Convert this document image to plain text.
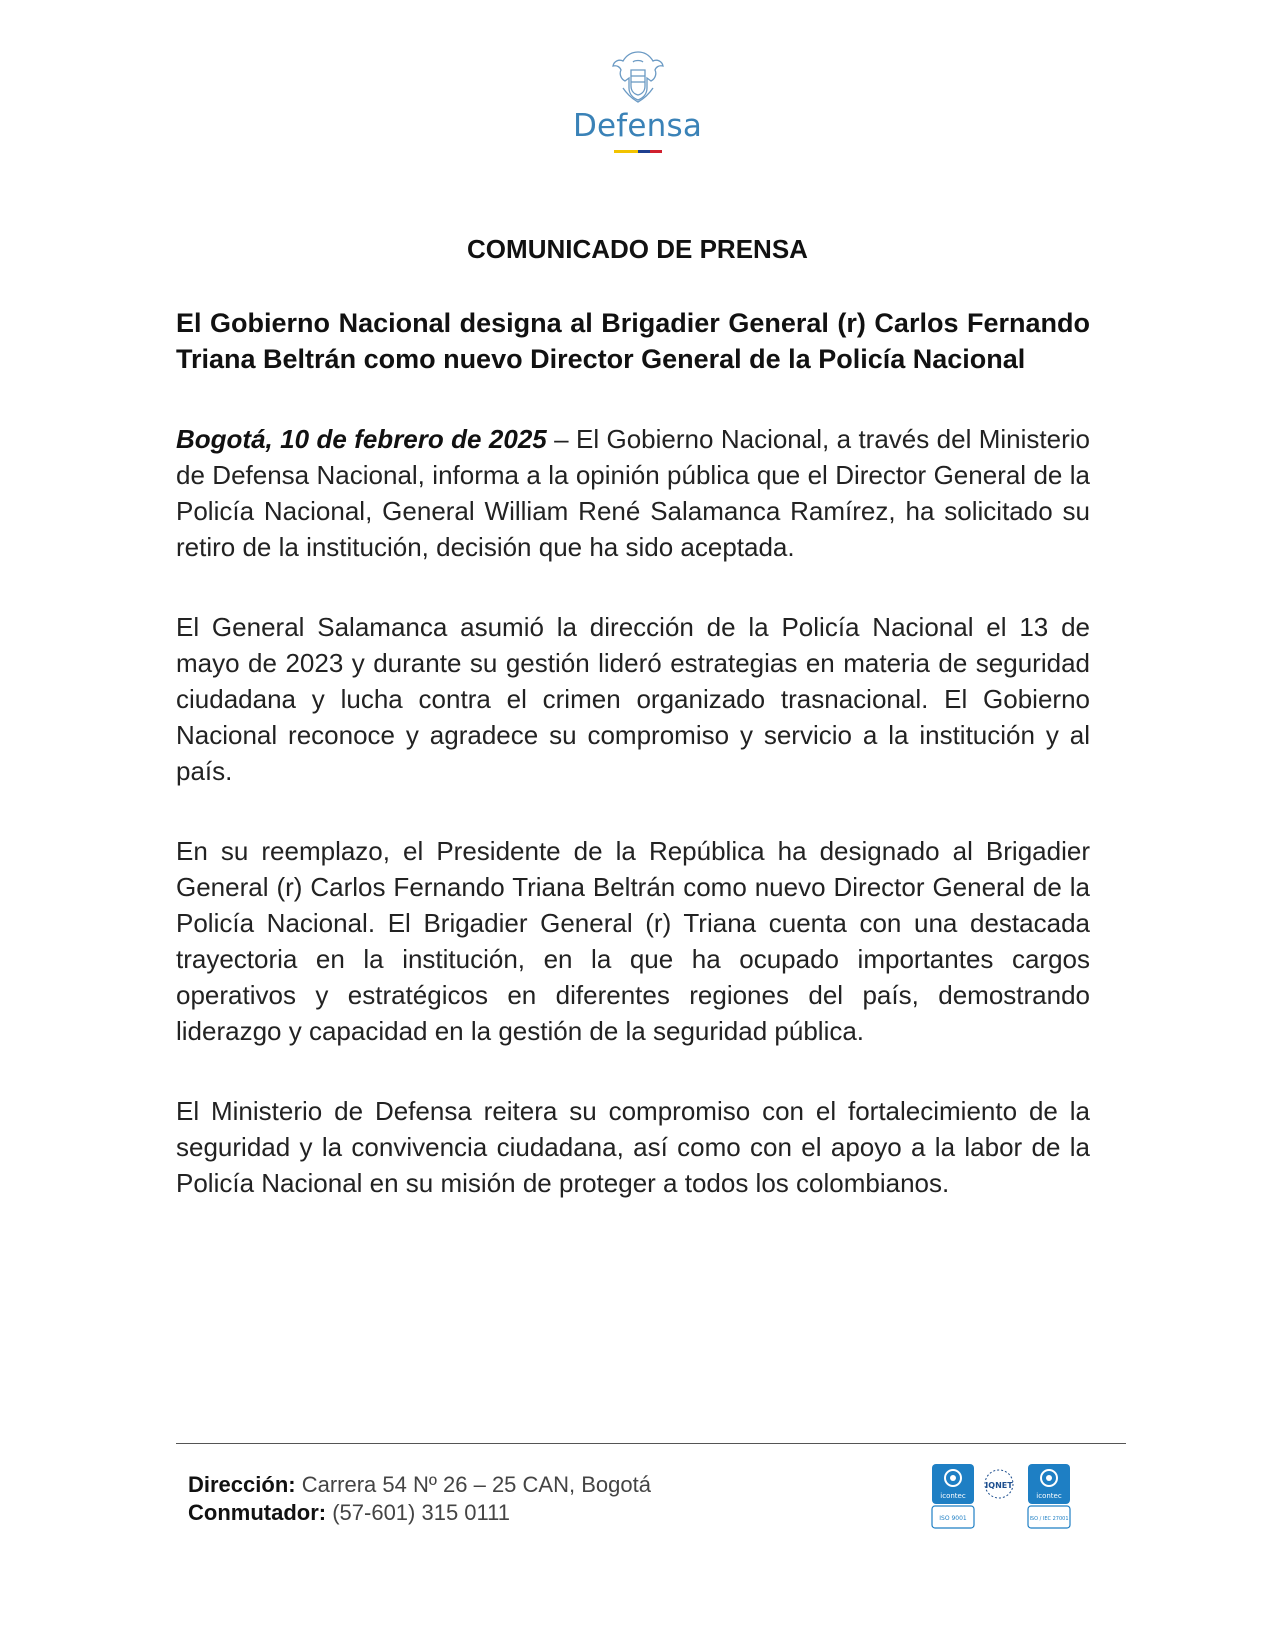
Defensa
COMUNICADO DE PRENSA

El Gobierno Nacional designa al Brigadier General (r) Carlos Fernando Triana Beltrán como nuevo Director General de la Policía Nacional

Bogotá, 10 de febrero de 2025 – El Gobierno Nacional, a través del Ministerio de Defensa Nacional, informa a la opinión pública que el Director General de la Policía Nacional, General William René Salamanca Ramírez, ha solicitado su retiro de la institución, decisión que ha sido aceptada.

El General Salamanca asumió la dirección de la Policía Nacional el 13 de mayo de 2023 y durante su gestión lideró estrategias en materia de seguridad ciudadana y lucha contra el crimen organizado trasnacional. El Gobierno Nacional reconoce y agradece su compromiso y servicio a la institución y al país.

En su reemplazo, el Presidente de la República ha designado al Brigadier General (r) Carlos Fernando Triana Beltrán como nuevo Director General de la Policía Nacional. El Brigadier General (r) Triana cuenta con una destacada trayectoria en la institución, en la que ha ocupado importantes cargos operativos y estratégicos en diferentes regiones del país, demostrando liderazgo y capacidad en la gestión de la seguridad pública.

El Ministerio de Defensa reitera su compromiso con el fortalecimiento de la seguridad y la convivencia ciudadana, así como con el apoyo a la labor de la Policía Nacional en su misión de proteger a todos los colombianos.

Dirección: Carrera 54 Nº 26 – 25 CAN, Bogotá
Conmutador: (57-601) 315 0111
icontec
ISO 9001
IQNET
icontec
ISO / IEC 27001
